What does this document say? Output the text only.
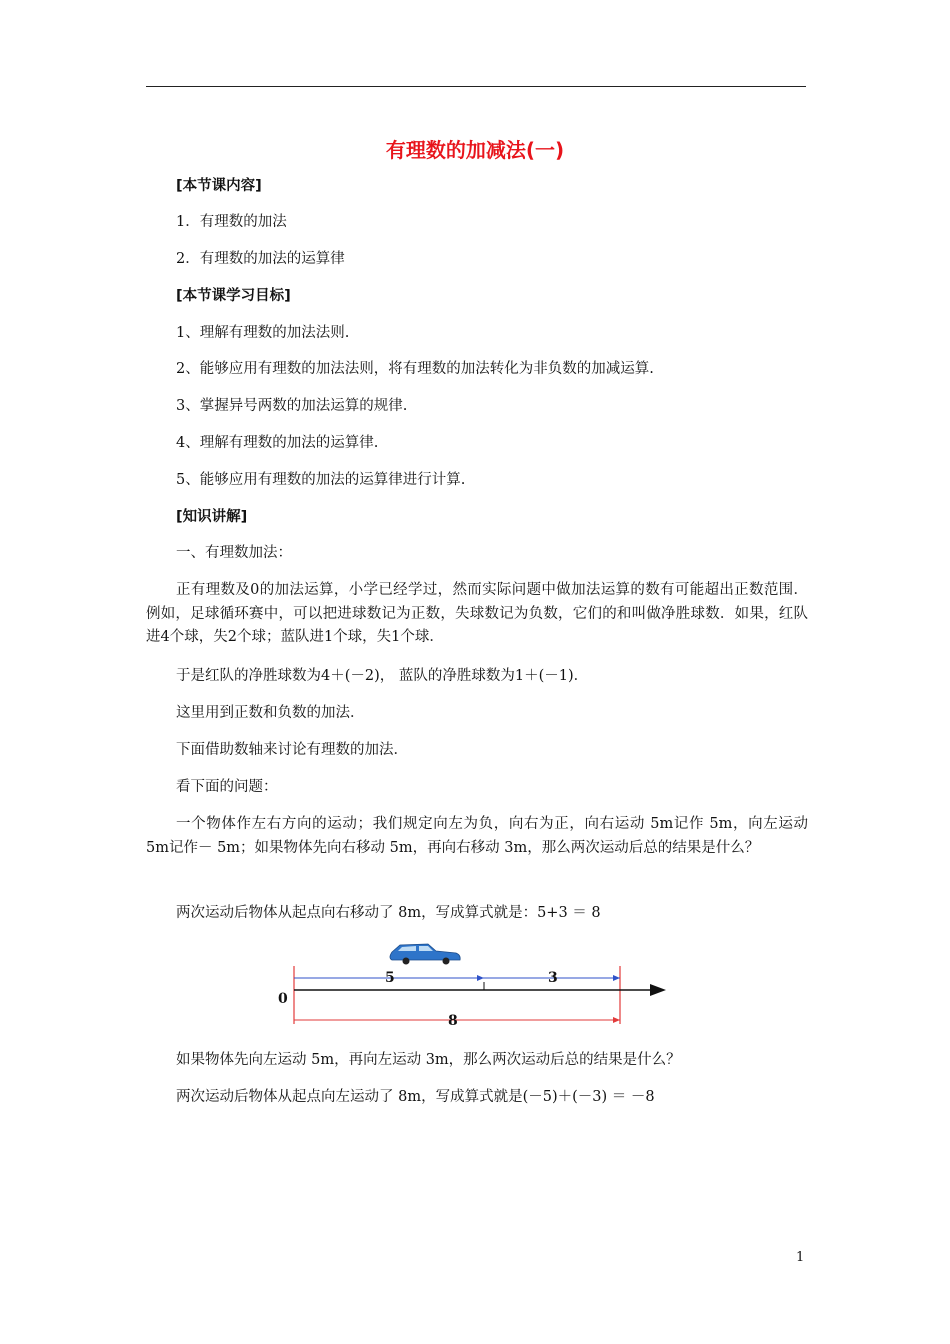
有理数的加减法(一)
[本节课内容]
1．有理数的加法
2．有理数的加法的运算律
[本节课学习目标]
1、理解有理数的加法法则.
2、能够应用有理数的加法法则，将有理数的加法转化为非负数的加减运算.
3、掌握异号两数的加法运算的规律.
4、理解有理数的加法的运算律.
5、能够应用有理数的加法的运算律进行计算.
[知识讲解]
一、有理数加法：
正有理数及0的加法运算，小学已经学过，然而实际问题中做加法运算的数有可能超出正数范围．例如，足球循环赛中，可以把进球数记为正数，失球数记为负数，它们的和叫做净胜球数．如果，红队进4个球，失2个球；蓝队进1个球，失1个球．
于是红队的净胜球数为4＋(－2)， 蓝队的净胜球数为1＋(－1)．
这里用到正数和负数的加法．
下面借助数轴来讨论有理数的加法．
看下面的问题：
一个物体作左右方向的运动；我们规定向左为负，向右为正，向右运动 5m记作 5m，向左运动 5m记作－ 5m；如果物体先向右移动 5m，再向右移动 3m，那么两次运动后总的结果是什么？
两次运动后物体从起点向右移动了 8m，写成算式就是：5+3 ＝ 8
0
5	3
8
如果物体先向左运动 5m，再向左运动 3m，那么两次运动后总的结果是什么？
两次运动后物体从起点向左运动了 8m，写成算式就是(－5)＋(－3) ＝ －8
1
